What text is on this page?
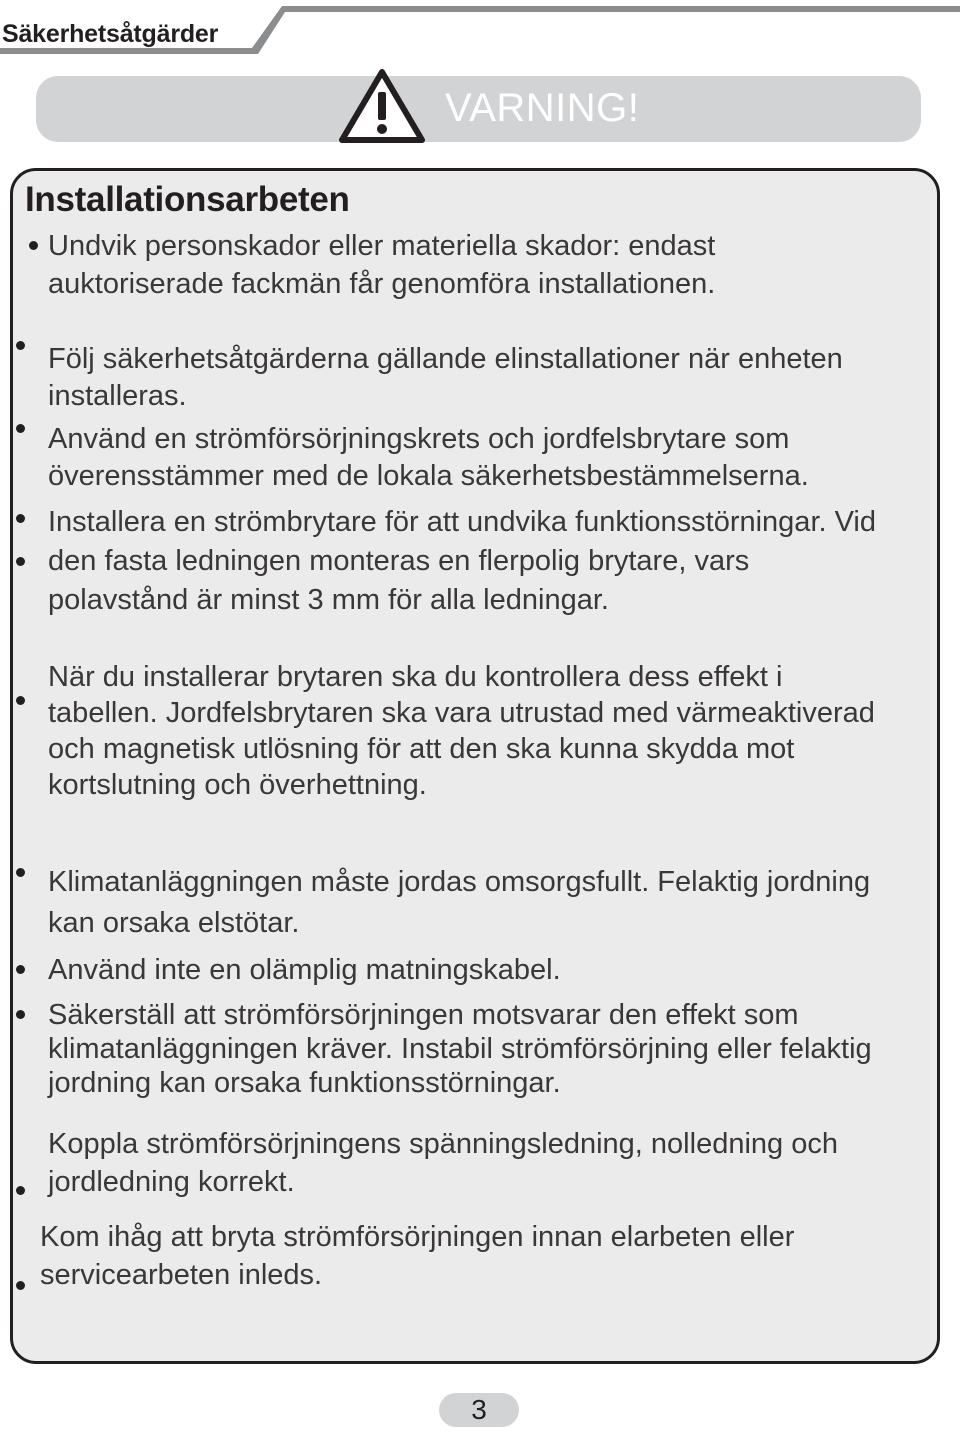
Säkerhetsåtgärder
VARNING!
Installationsarbeten
Undvik personskador eller materiella skador: endast
auktoriserade fackmän får genomföra installationen.
Följ säkerhetsåtgärderna gällande elinstallationer när enheten
installeras.
Använd en strömförsörjningskrets och jordfelsbrytare som
överensstämmer med de lokala säkerhetsbestämmelserna.
Installera en strömbrytare för att undvika funktionsstörningar. Vid
den fasta ledningen monteras en flerpolig brytare, vars
polavstånd är minst 3 mm för alla ledningar.
När du installerar brytaren ska du kontrollera dess effekt i
tabellen. Jordfelsbrytaren ska vara utrustad med värmeaktiverad
och magnetisk utlösning för att den ska kunna skydda mot
kortslutning och överhettning.
Klimatanläggningen måste jordas omsorgsfullt. Felaktig jordning
kan orsaka elstötar.
Använd inte en olämplig matningskabel.
Säkerställ att strömförsörjningen motsvarar den effekt som
klimatanläggningen kräver. Instabil strömförsörjning eller felaktig
jordning kan orsaka funktionsstörningar.
Koppla strömförsörjningens spänningsledning, nolledning och
jordledning korrekt.
Kom ihåg att bryta strömförsörjningen innan elarbeten eller
servicearbeten inleds.
3
